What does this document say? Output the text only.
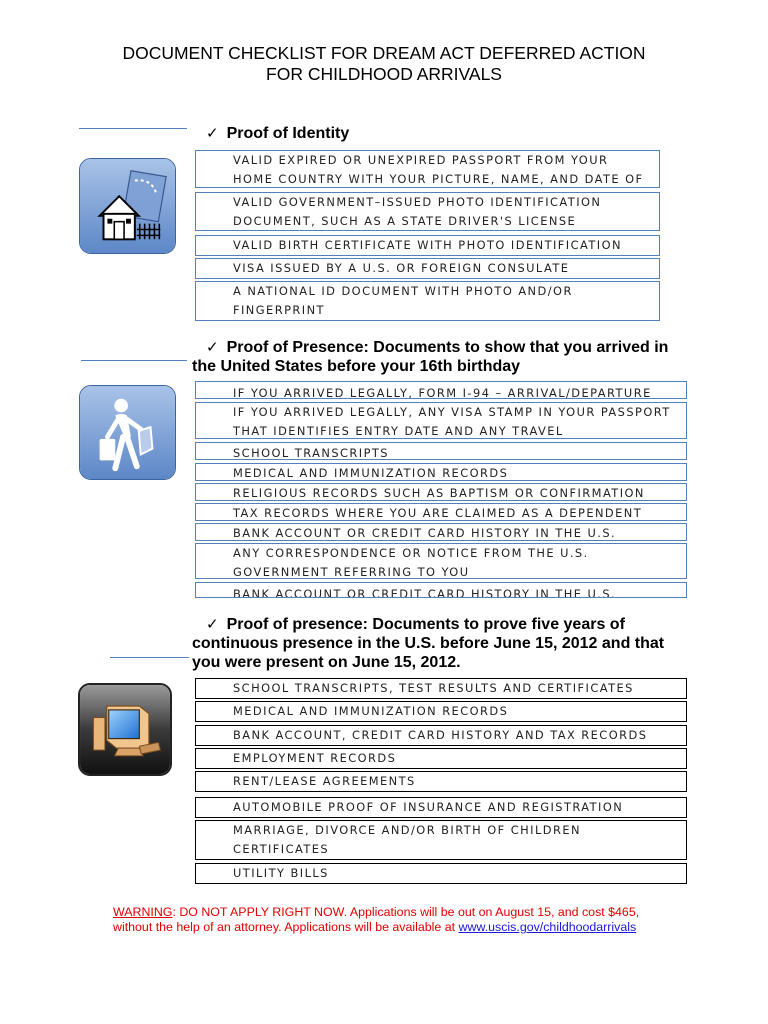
DOCUMENT CHECKLIST FOR DREAM ACT DEFERRED ACTION
FOR CHILDHOOD ARRIVALS
✓ Proof of Identity
VALID EXPIRED OR UNEXPIRED PASSPORT FROM YOUR HOME COUNTRY WITH YOUR PICTURE, NAME, AND DATE OF
VALID GOVERNMENT–ISSUED PHOTO IDENTIFICATION DOCUMENT, SUCH AS A STATE DRIVER'S LICENSE
VALID BIRTH CERTIFICATE WITH PHOTO IDENTIFICATION
VISA ISSUED BY A U.S. OR FOREIGN CONSULATE
A NATIONAL ID DOCUMENT WITH PHOTO AND/OR FINGERPRINT
✓ Proof of Presence: Documents to show that you arrived in
the United States before your 16th birthday
IF YOU ARRIVED LEGALLY, FORM I-94 – ARRIVAL/DEPARTURE
IF YOU ARRIVED LEGALLY, ANY VISA STAMP IN YOUR PASSPORT THAT IDENTIFIES ENTRY DATE AND ANY TRAVEL
SCHOOL TRANSCRIPTS
MEDICAL AND IMMUNIZATION RECORDS
RELIGIOUS RECORDS SUCH AS BAPTISM OR CONFIRMATION
TAX RECORDS WHERE YOU ARE CLAIMED AS A DEPENDENT
BANK ACCOUNT OR CREDIT CARD HISTORY IN THE U.S.
ANY CORRESPONDENCE OR NOTICE FROM THE U.S. GOVERNMENT REFERRING TO YOU
BANK ACCOUNT OR CREDIT CARD HISTORY IN THE U.S.
✓ Proof of presence: Documents to prove five years of
continuous presence in the U.S. before June 15, 2012 and that
you were present on June 15, 2012.
SCHOOL TRANSCRIPTS, TEST RESULTS AND CERTIFICATES
MEDICAL AND IMMUNIZATION RECORDS
BANK ACCOUNT, CREDIT CARD HISTORY AND TAX RECORDS
EMPLOYMENT RECORDS
RENT/LEASE AGREEMENTS
AUTOMOBILE PROOF OF INSURANCE AND REGISTRATION
MARRIAGE, DIVORCE AND/OR BIRTH OF CHILDREN CERTIFICATES
UTILITY BILLS
WARNING: DO NOT APPLY RIGHT NOW. Applications will be out on August 15, and cost $465, without the help of an attorney. Applications will be available at www.uscis.gov/childhoodarrivals
